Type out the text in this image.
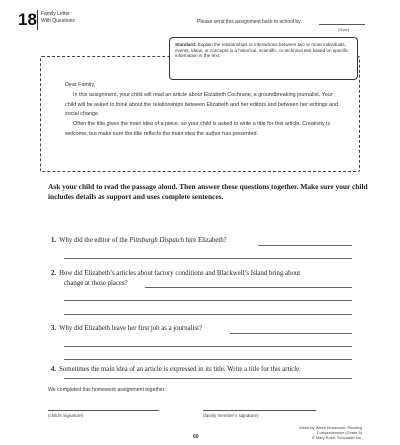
18 Family Letter
With Questions	Please send this assignment back to school by
(Date)

Dear Family,

In this assignment, your child will read an article about Elizabeth Cochrane, a groundbreaking journalist. Your child will be asked to think about the relationships between Elizabeth and her editors and between her writings and social change.

Often the title gives the main idea of a piece, so your child is asked to write a title for this article. Creativity is welcome, but make sure the title reflects the main idea the author has presented.

Standard: Explain the relationships or interactions between two or more individuals, events, ideas, or concepts in a historical, scientific, or technical text based on specific information in the text.
Ask your child to read the passage aloud. Then answer these questions together. Make sure your child includes details as support and uses complete sentences.
1. Why did the editor of the Pittsburgh Dispatch hire Elizabeth?
2. How did Elizabeth’s articles about factory conditions and Blackwell’s Island bring about
change at those places?
3. Why did Elizabeth leave her first job as a journalist?
4. Sometimes the main idea of an article is expressed in its title. Write a title for this article.
We completed this homework assignment together.
(child’s signature)	(family member’s signature)
60
Week-by-Week Homework: Reading Comprehension (Grade 5)
© Mary Rosa, Scholastic Inc.
